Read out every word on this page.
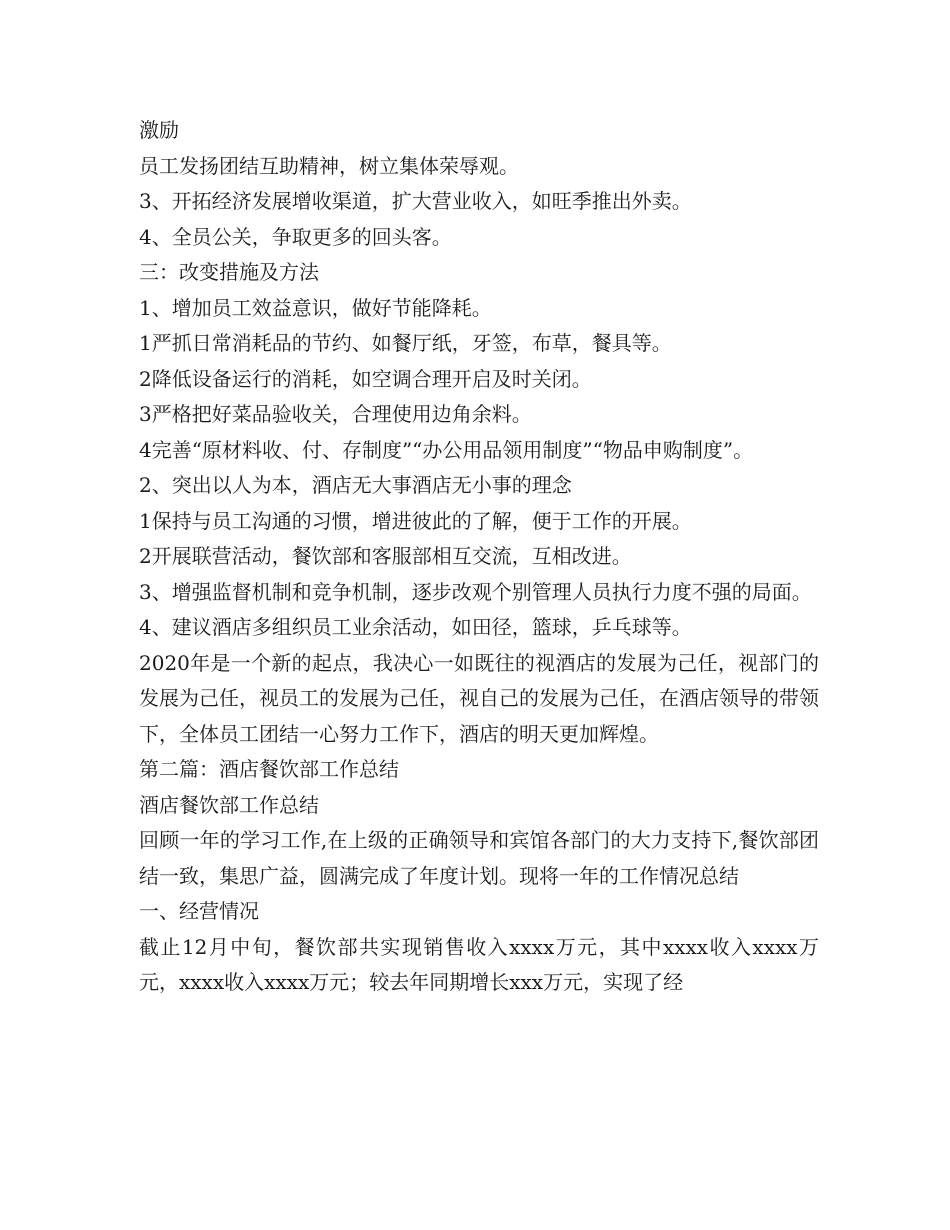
激励

员工发扬团结互助精神，树立集体荣辱观。

3、开拓经济发展增收渠道，扩大营业收入，如旺季推出外卖。

4、全员公关，争取更多的回头客。

三：改变措施及方法

1、增加员工效益意识，做好节能降耗。

1严抓日常消耗品的节约、如餐厅纸，牙签，布草，餐具等。

2降低设备运行的消耗，如空调合理开启及时关闭。

3严格把好菜品验收关，合理使用边角余料。

4完善“原材料收、付、存制度”“办公用品领用制度”“物品申购制度”。

2、突出以人为本，酒店无大事酒店无小事的理念

1保持与员工沟通的习惯，增进彼此的了解，便于工作的开展。

2开展联营活动，餐饮部和客服部相互交流，互相改进。

3、增强监督机制和竞争机制，逐步改观个别管理人员执行力度不强的局面。

4、建议酒店多组织员工业余活动，如田径，篮球，乒乓球等。

2020年是一个新的起点，我决心一如既往的视酒店的发展为己任，视部门的发展为己任，视员工的发展为己任，视自己的发展为己任，在酒店领导的带领下，全体员工团结一心努力工作下，酒店的明天更加辉煌。

第二篇：酒店餐饮部工作总结

酒店餐饮部工作总结

回顾一年的学习工作,在上级的正确领导和宾馆各部门的大力支持下,餐饮部团结一致，集思广益，圆满完成了年度计划。现将一年的工作情况总结

一、经营情况

截止12月中旬，餐饮部共实现销售收入xxxx万元，其中xxxx收入xxxx万元，xxxx收入xxxx万元；较去年同期增长xxx万元，实现了经
